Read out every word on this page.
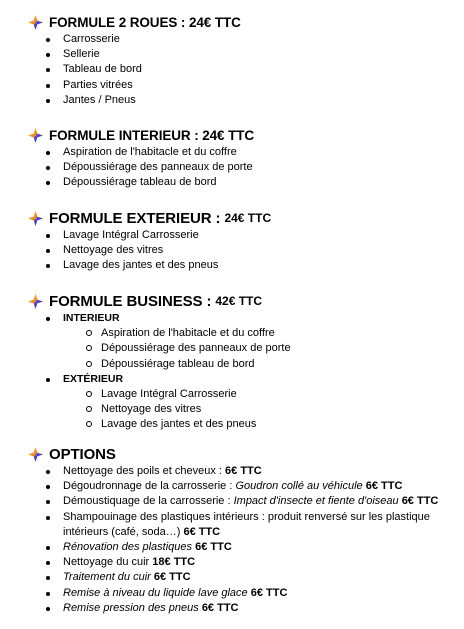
FORMULE 2 ROUES : 24€ TTC
Carrosserie
Sellerie
Tableau de bord
Parties vitrées
Jantes / Pneus
FORMULE INTERIEUR : 24€ TTC
Aspiration de l'habitacle et du coffre
Dépoussiérage des panneaux de porte
Dépoussiérage tableau de bord
FORMULE EXTERIEUR : 24€ TTC
Lavage Intégral Carrosserie
Nettoyage des vitres
Lavage des jantes et des pneus
FORMULE BUSINESS : 42€ TTC
INTERIEUR
Aspiration de l'habitacle et du coffre
Dépoussiérage des panneaux de porte
Dépoussiérage tableau de bord
EXTÉRIEUR
Lavage Intégral Carrosserie
Nettoyage des vitres
Lavage des jantes et des pneus
OPTIONS
Nettoyage des poils et cheveux : 6€ TTC
Dégoudronnage de la carrosserie : Goudron collé au véhicule 6€ TTC
Démoustiquage de la carrosserie : Impact d'insecte et fiente d'oiseau 6€ TTC
Shampouinage des plastiques intérieurs : produit renversé sur les plastique intérieurs (café, soda…) 6€ TTC
Rénovation des plastiques 6€ TTC
Nettoyage du cuir 18€ TTC
Traitement du cuir 6€ TTC
Remise à niveau du liquide lave glace 6€ TTC
Remise pression des pneus 6€ TTC
